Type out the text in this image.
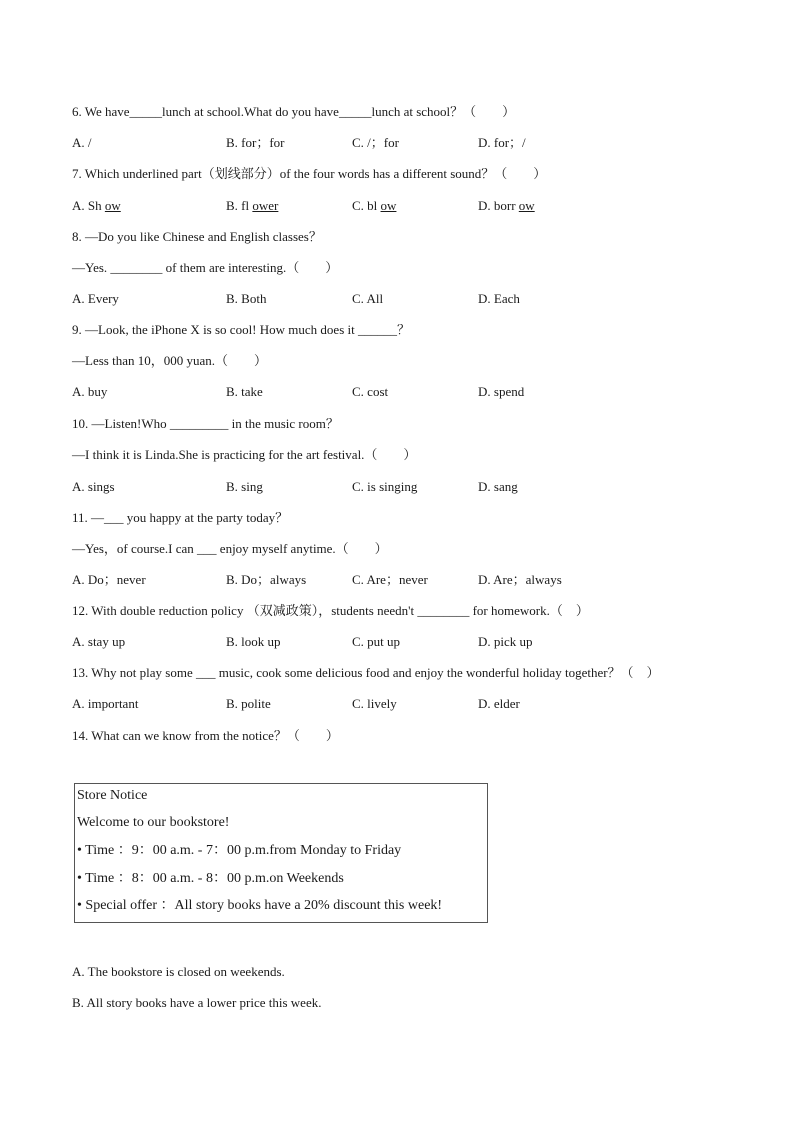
6. We have_____lunch at school.What do you have_____lunch at school？（　　）
A. /	B. for；for	C. /；for	D. for；/
7. Which underlined part（划线部分）of the four words has a different sound？（　　）
A. Sh ow	B. fl ower	C. bl ow	D. borr ow
8. —Do you like Chinese and English classes？
—Yes. ________ of them are interesting.（　　）
A. Every	B. Both	C. All	D. Each
9. —Look, the iPhone X is so cool! How much does it ______？
—Less than 10，000 yuan.（　　）
A. buy	B. take	C. cost	D. spend
10. —Listen!Who _________ in the music room？
—I think it is Linda.She is practicing for the art festival.（　　）
A. sings	B. sing	C. is singing	D. sang
11. —___ you happy at the party today？
—Yes，of course.I can ___ enjoy myself anytime.（　　）
A. Do；never	B. Do；always	C. Are；never	D. Are；always
12. With double reduction policy （双减政策），students needn't ________ for homework.（　）
A. stay up	B. look up	C. put up	D. pick up
13. Why not play some ___ music, cook some delicious food and enjoy the wonderful holiday together？（　）
A. important	B. polite	C. lively	D. elder
14. What can we know from the notice？（　　）
Store Notice
Welcome to our bookstore!
• Time ：9：00 a.m. - 7：00 p.m.from Monday to Friday
• Time ：8：00 a.m. - 8：00 p.m.on Weekends
• Special offer ：All story books have a 20% discount this week!
A. The bookstore is closed on weekends.
B. All story books have a lower price this week.
